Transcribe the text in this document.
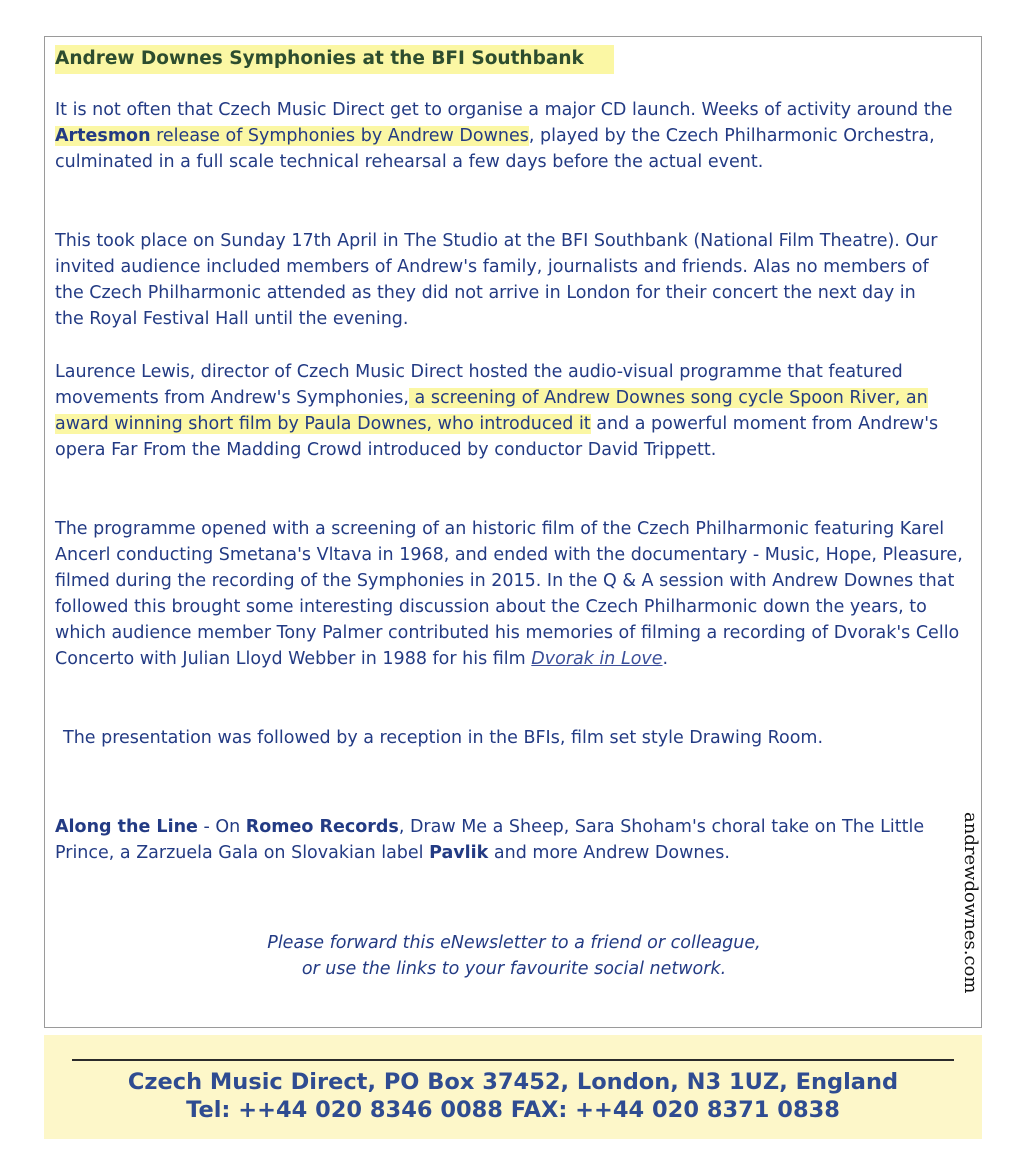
Andrew Downes Symphonies at the BFI Southbank

It is not often that Czech Music Direct get to organise a major CD launch. Weeks of activity around the Artesmon release of Symphonies by Andrew Downes, played by the Czech Philharmonic Orchestra, culminated in a full scale technical rehearsal a few days before the actual event.

This took place on Sunday 17th April in The Studio at the BFI Southbank (National Film Theatre). Our invited audience included members of Andrew's family, journalists and friends. Alas no members of the Czech Philharmonic attended as they did not arrive in London for their concert the next day in the Royal Festival Hall until the evening.

Laurence Lewis, director of Czech Music Direct hosted the audio-visual programme that featured movements from Andrew's Symphonies, a screening of Andrew Downes song cycle Spoon River, an award winning short film by Paula Downes, who introduced it and a powerful moment from Andrew's opera Far From the Madding Crowd introduced by conductor David Trippett.

The programme opened with a screening of an historic film of the Czech Philharmonic featuring Karel Ancerl conducting Smetana's Vltava in 1968, and ended with the documentary - Music, Hope, Pleasure, filmed during the recording of the Symphonies in 2015. In the Q & A session with Andrew Downes that followed this brought some interesting discussion about the Czech Philharmonic down the years, to which audience member Tony Palmer contributed his memories of filming a recording of Dvorak's Cello Concerto with Julian Lloyd Webber in 1988 for his film Dvorak in Love.

The presentation was followed by a reception in the BFIs, film set style Drawing Room.

Along the Line - On Romeo Records, Draw Me a Sheep, Sara Shoham's choral take on The Little Prince, a Zarzuela Gala on Slovakian label Pavlik and more Andrew Downes.

Please forward this eNewsletter to a friend or colleague,
or use the links to your favourite social network.	andrewdownes.com
Czech Music Direct, PO Box 37452, London, N3 1UZ, England
Tel: ++44 020 8346 0088 FAX: ++44 020 8371 0838
